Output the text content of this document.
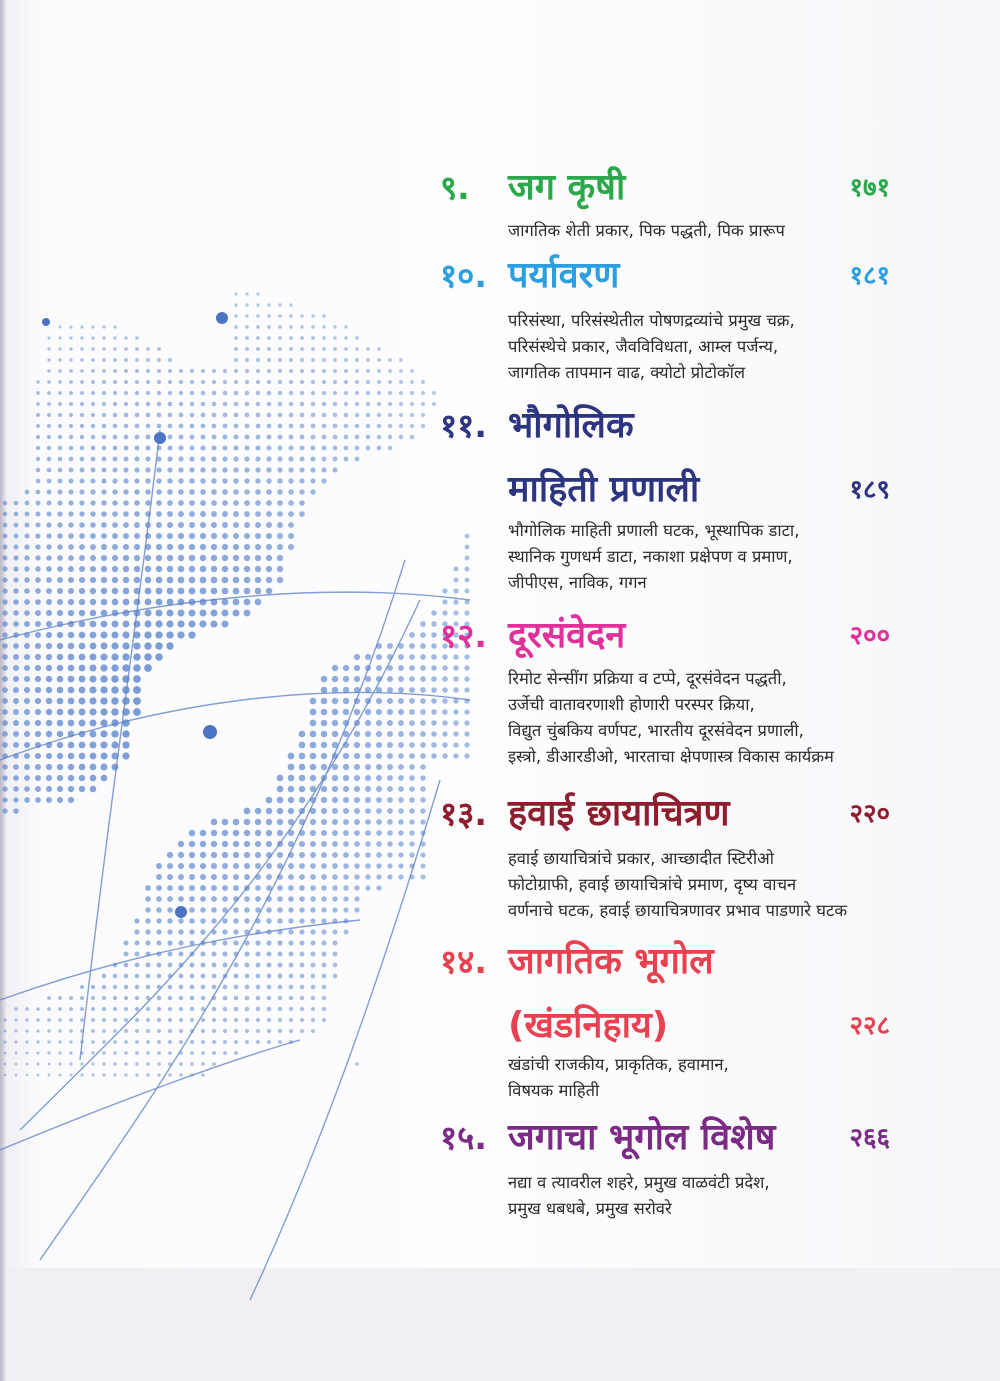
९. जग कृषी	१७१
जागतिक शेती प्रकार, पिक पद्धती, पिक प्रारूप
१०. पर्यावरण	१८१
परिसंस्था, परिसंस्थेतील पोषणद्रव्यांचे प्रमुख चक्र,
परिसंस्थेचे प्रकार, जैवविविधता, आम्ल पर्जन्य,
जागतिक तापमान वाढ, क्योटो प्रोटोकॉल
११. भौगोलिक
माहिती प्रणाली	१८९
भौगोलिक माहिती प्रणाली घटक, भूस्थापिक डाटा,
स्थानिक गुणधर्म डाटा, नकाशा प्रक्षेपण व प्रमाण,
जीपीएस, नाविक, गगन
१२. दूरसंवेदन	२००
रिमोट सेन्सींग प्रक्रिया व टप्पे, दूरसंवेदन पद्धती,
उर्जेची वातावरणाशी होणारी परस्पर क्रिया,
विद्युत चुंबकिय वर्णपट, भारतीय दूरसंवेदन प्रणाली,
इस्त्रो, डीआरडीओ, भारताचा क्षेपणास्त्र विकास कार्यक्रम
१३. हवाई छायाचित्रण	२२०
हवाई छायाचित्रांचे प्रकार, आच्छादीत स्टिरीओ
फोटोग्राफी, हवाई छायाचित्रांचे प्रमाण, दृष्य वाचन
वर्णनाचे घटक, हवाई छायाचित्रणावर प्रभाव पाडणारे घटक
१४. जागतिक भूगोल
(खंडनिहाय)	२२८
खंडांची राजकीय, प्राकृतिक, हवामान,
विषयक माहिती
१५. जगाचा भूगोल विशेष	२६६
नद्या व त्यावरील शहरे, प्रमुख वाळवंटी प्रदेश,
प्रमुख धबधबे, प्रमुख सरोवरे
